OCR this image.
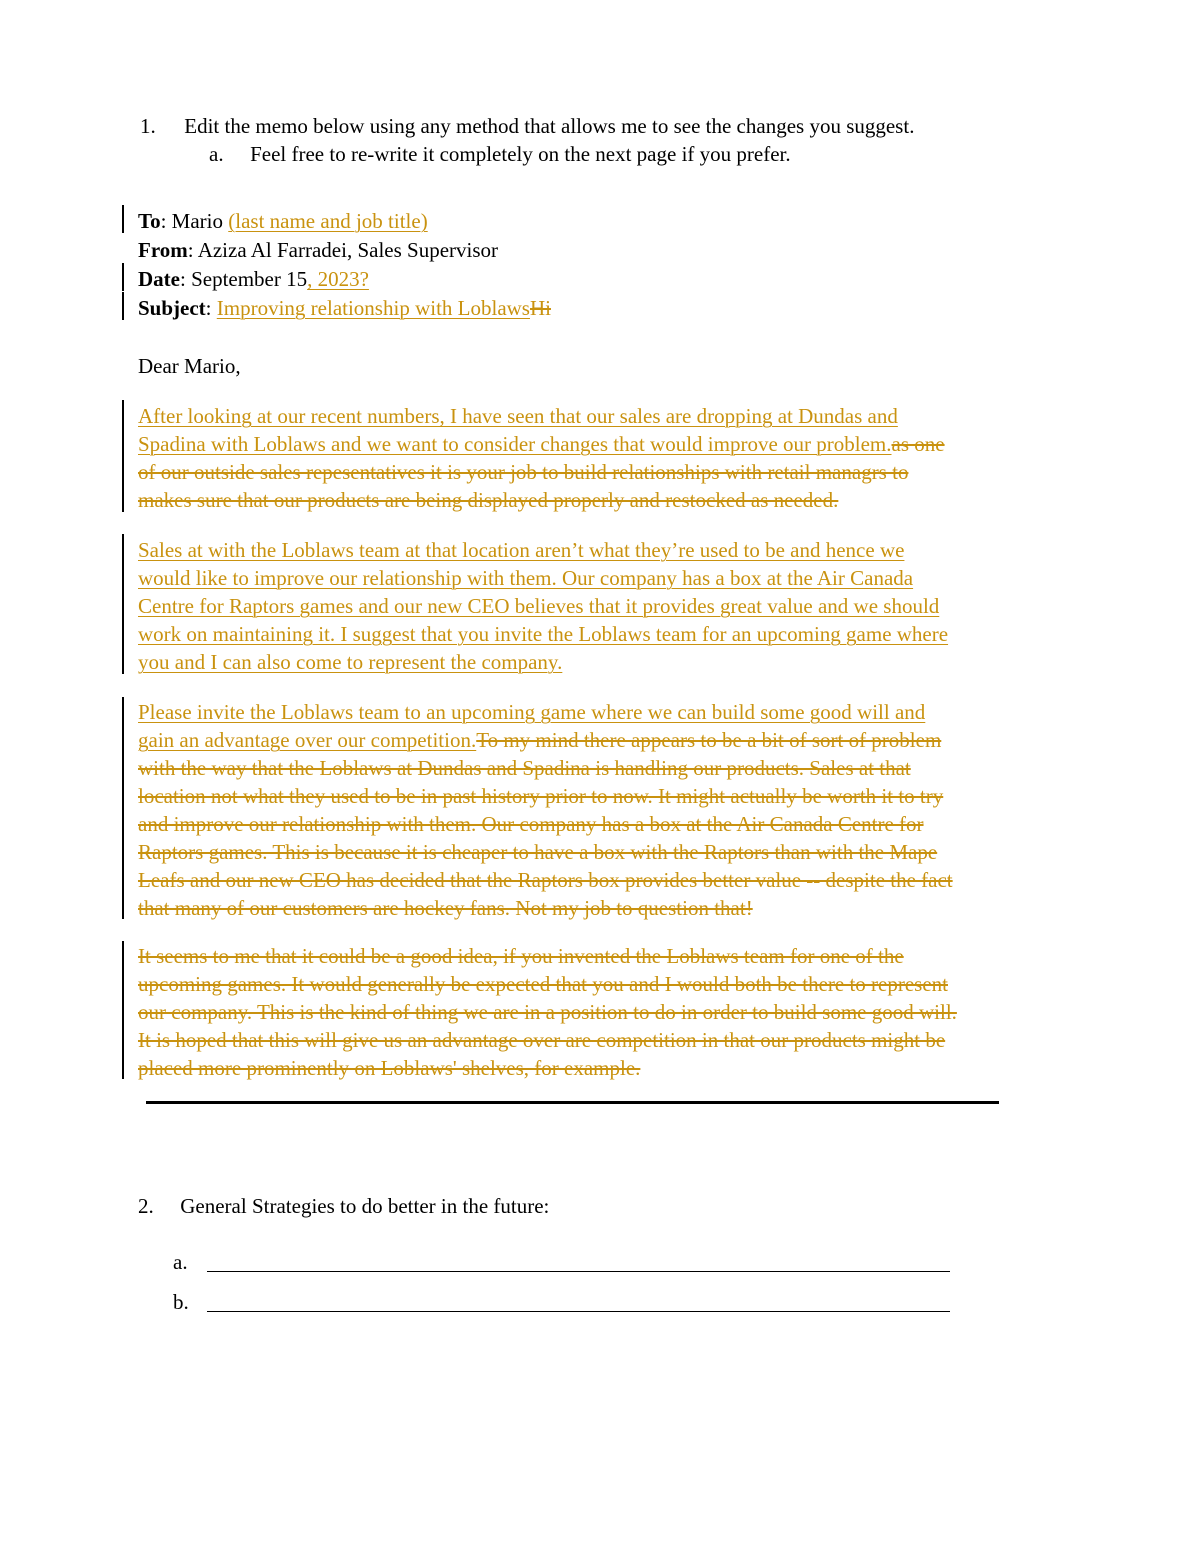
1. Edit the memo below using any method that allows me to see the changes you suggest.
a. Feel free to re-write it completely on the next page if you prefer.
To: Mario (last name and job title)
From: Aziza Al Farradei, Sales Supervisor
Date: September 15, 2023?
Subject: Improving relationship with LoblawsHi
Dear Mario,
After looking at our recent numbers, I have seen that our sales are dropping at Dundas and
Spadina with Loblaws and we want to consider changes that would improve our problem.as one
of our outside sales repesentatives it is your job to build relationships with retail managrs to
makes sure that our products are being displayed properly and restocked as needed.
Sales at with the Loblaws team at that location aren’t what they’re used to be and hence we
would like to improve our relationship with them. Our company has a box at the Air Canada
Centre for Raptors games and our new CEO believes that it provides great value and we should
work on maintaining it. I suggest that you invite the Loblaws team for an upcoming game where
you and I can also come to represent the company.
Please invite the Loblaws team to an upcoming game where we can build some good will and
gain an advantage over our competition.To my mind there appears to be a bit of sort of problem
with the way that the Loblaws at Dundas and Spadina is handling our products. Sales at that
location not what they used to be in past history prior to now. It might actually be worth it to try
and improve our relationship with them. Our company has a box at the Air Canada Centre for
Raptors games. This is because it is cheaper to have a box with the Raptors than with the Mape
Leafs and our new CEO has decided that the Raptors box provides better value -- despite the fact
that many of our customers are hockey fans. Not my job to question that!
It seems to me that it could be a good idea, if you invented the Loblaws team for one of the
upcoming games. It would generally be expected that you and I would both be there to represent
our company. This is the kind of thing we are in a position to do in order to build some good will.
It is hoped that this will give us an advantage over are competition in that our products might be
placed more prominently on Loblaws' shelves, for example.
2. General Strategies to do better in the future:
a.
b.
